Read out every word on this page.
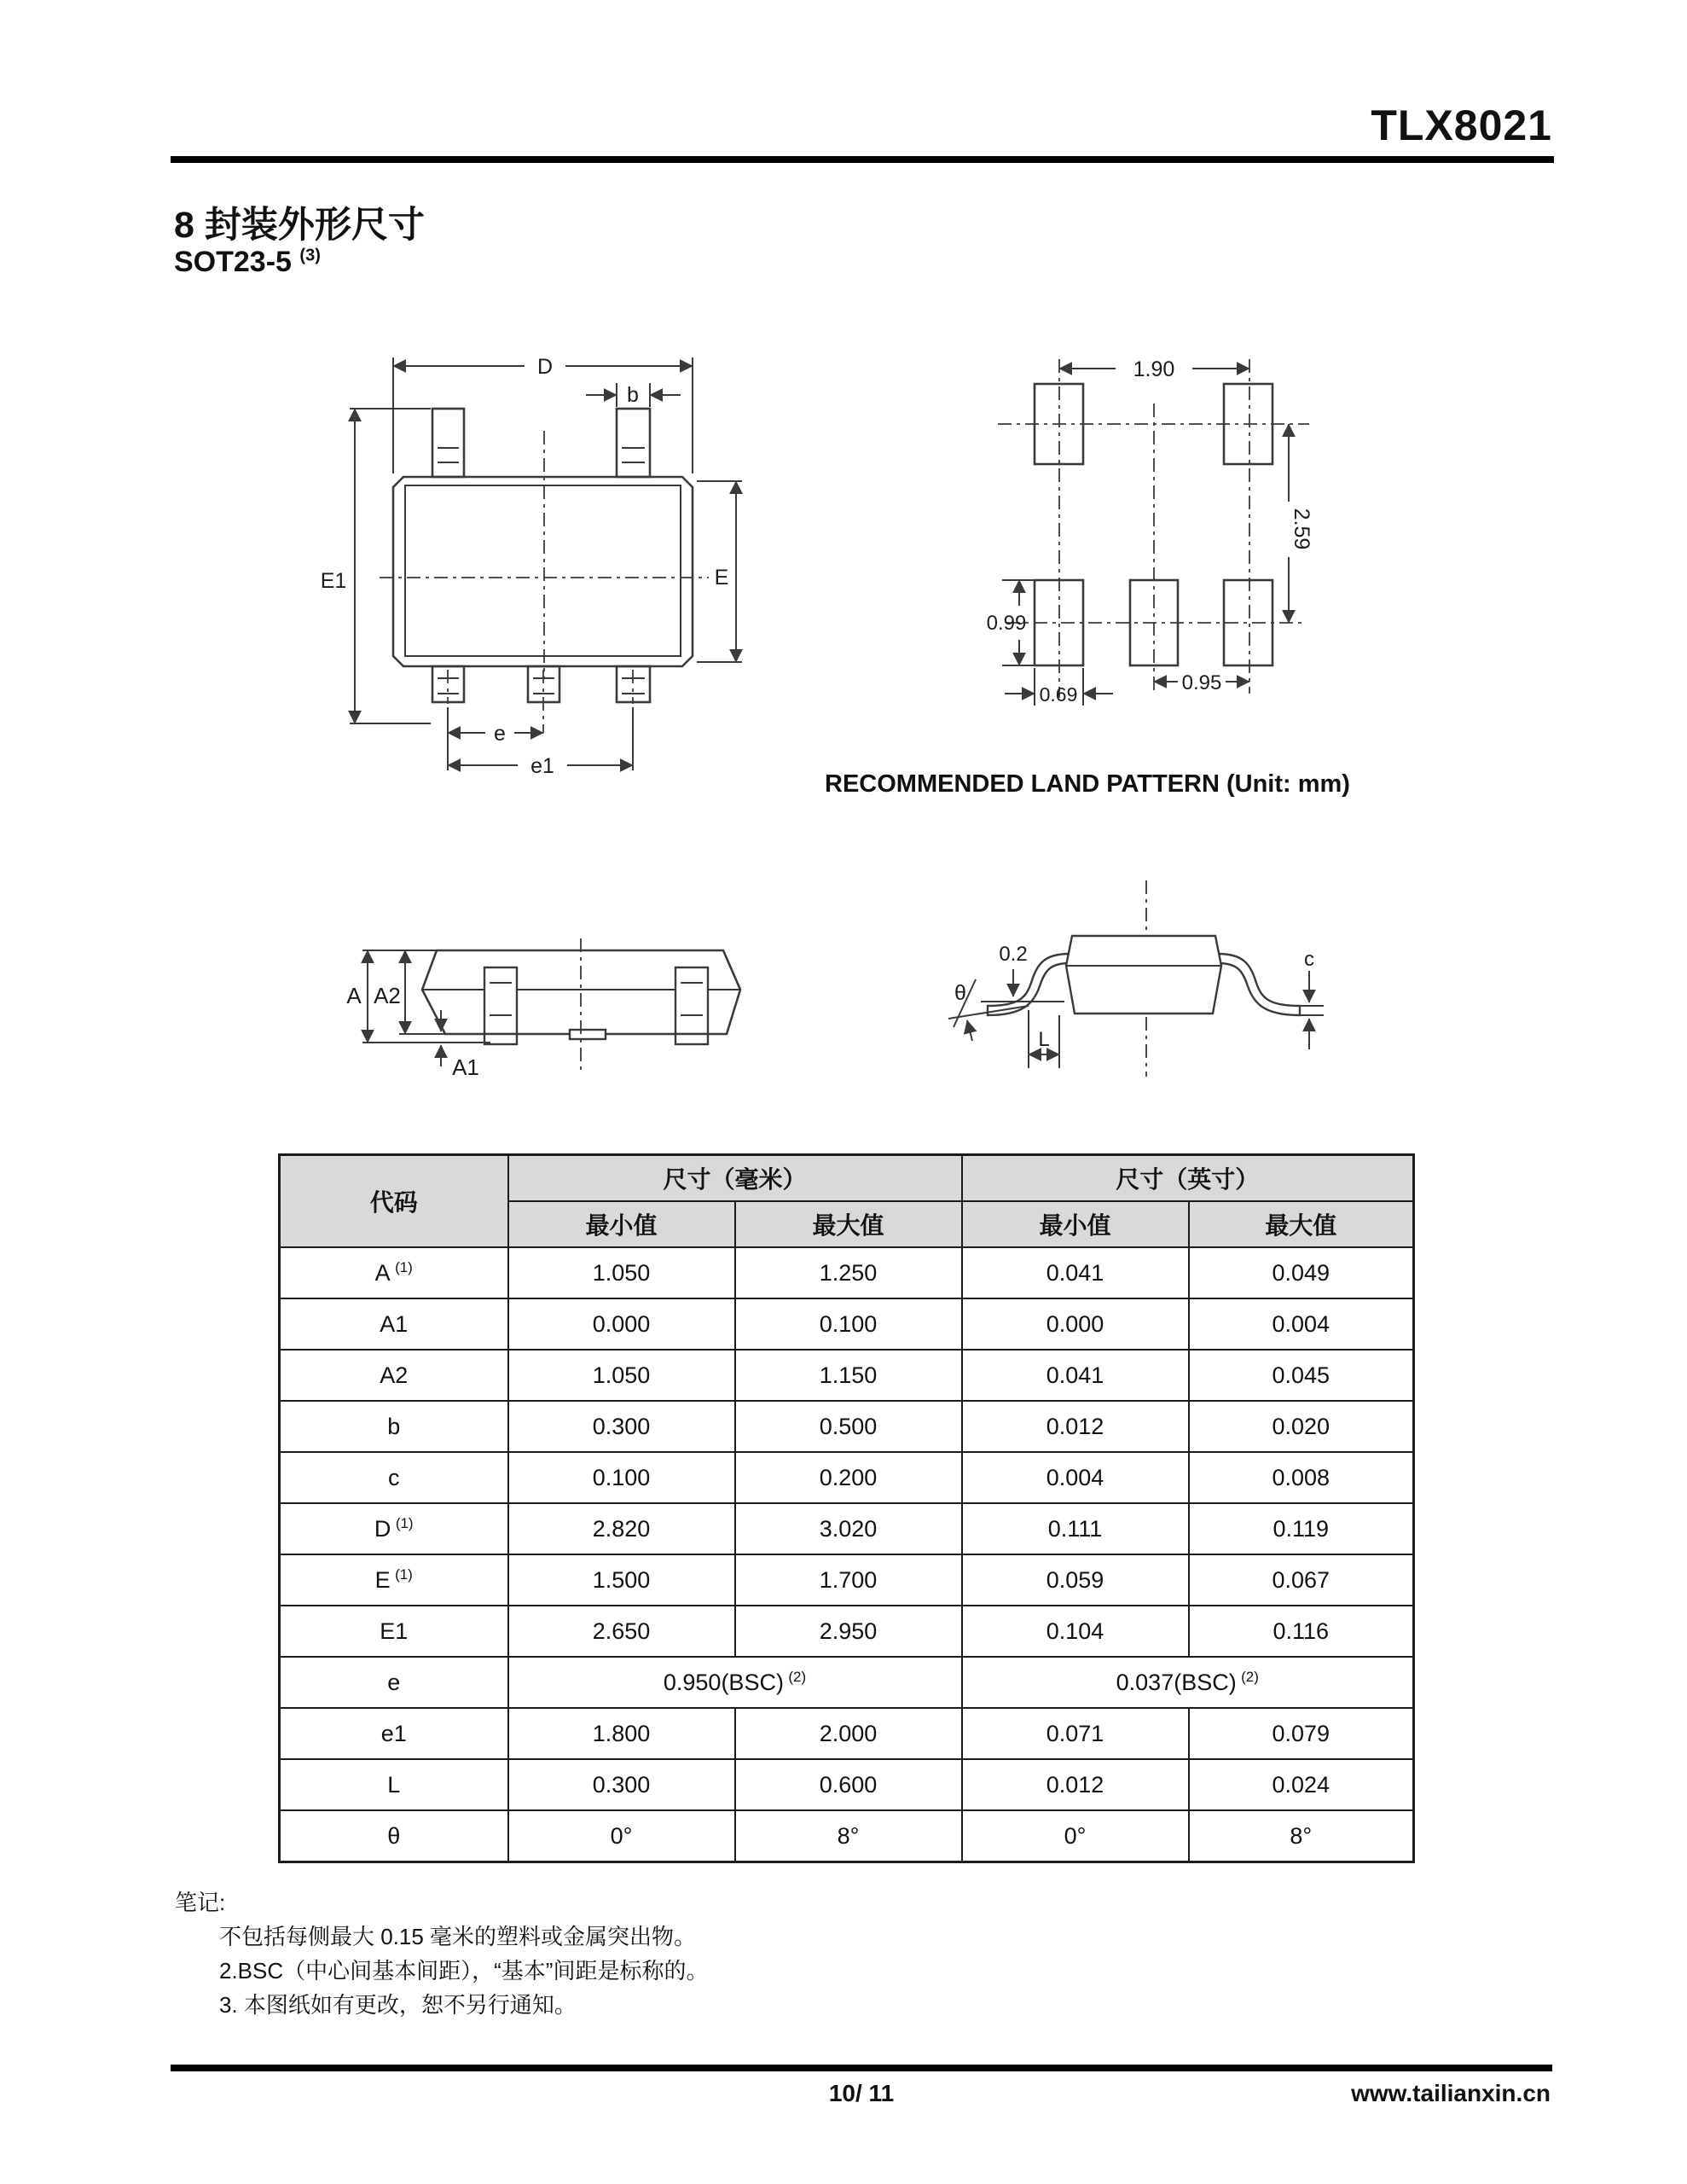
TLX8021
8 封装外形尺寸
SOT23-5 $^{(3)}$
D
b
E1	E
e
e1
1.90
2.59
0.99
0.69	0.95
RECOMMENDED LAND PATTERN (Unit: mm)
A A2
A1
0.2
θ
L
c
代码	尺寸（毫米）		尺寸（英寸）	
	最小值	最大值	最小值	最大值
A  $^{(1)}$	1.050	1.250	0.041	0.049
A1	0.000	0.100	0.000	0.004
A2	1.050	1.150	0.041	0.045
b	0.300	0.500	0.012	0.020
c	0.100	0.200	0.004	0.008
D  $^{(1)}$	2.820	3.020	0.111	0.119
E  $^{(1)}$	1.500	1.700	0.059	0.067
E1	2.650	2.950	0.104	0.116
e	0.950(BSC)  $^{(2)}$		0.037(BSC)  $^{(2)}$
e1	1.800	2.000	0.071	0.079
L	0.300	0.600	0.012	0.024
θ	0°	8°	0°	8°
笔记:
不包括每侧最大 0.15 毫米的塑料或金属突出物。
2.BSC（中心间基本间距），“基本”间距是标称的。
3. 本图纸如有更改，恕不另行通知。
10/ 11	www.tailianxin.cn
